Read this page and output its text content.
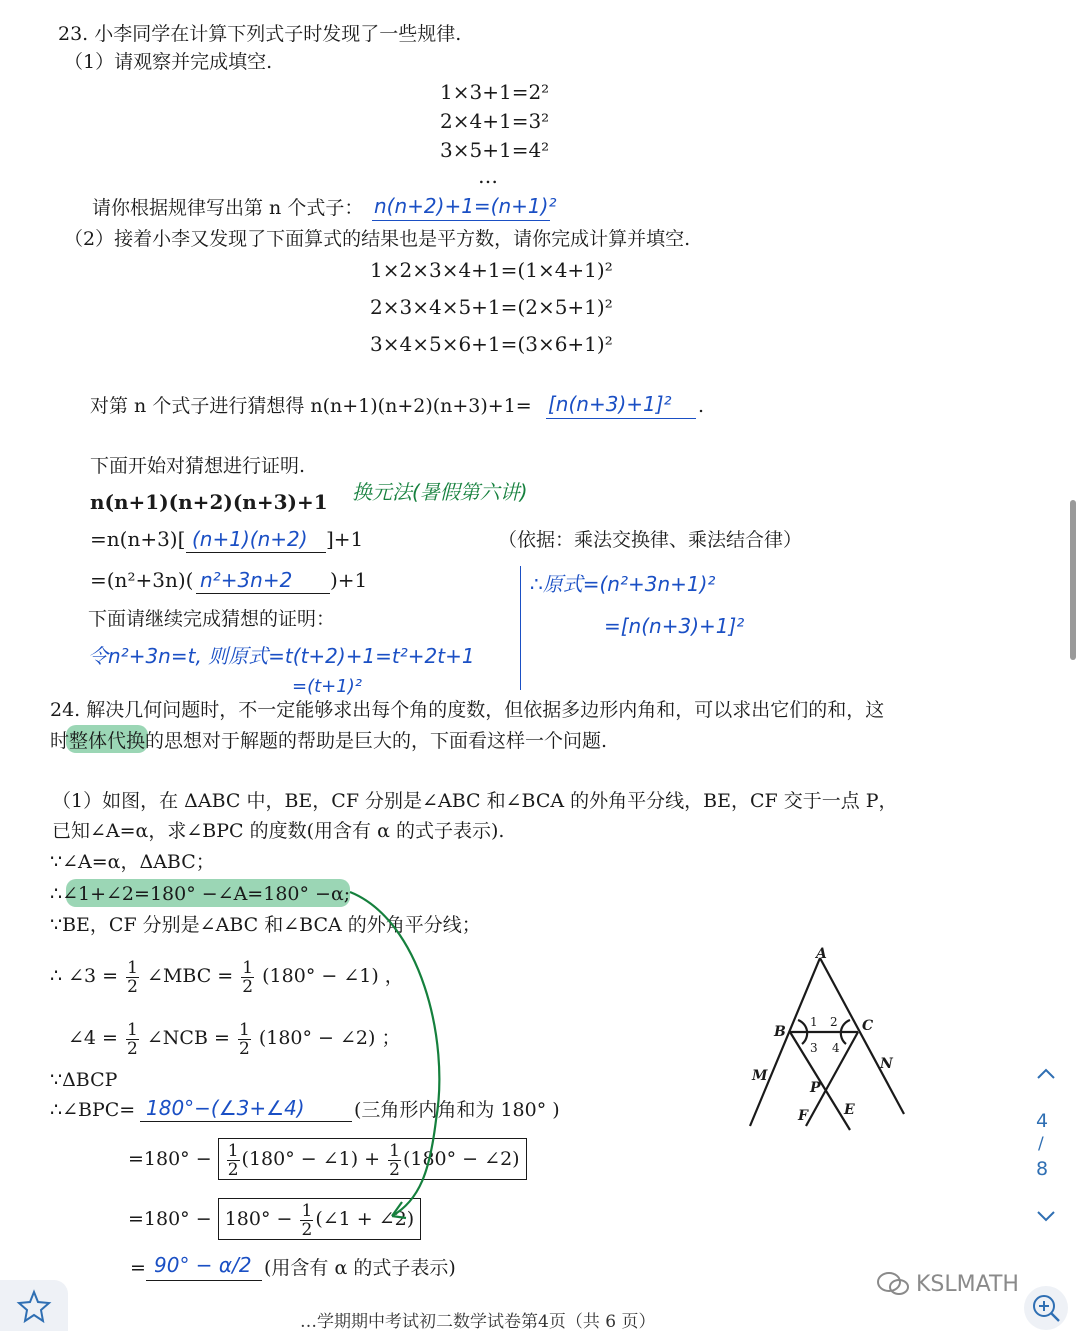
23. 小李同学在计算下列式子时发现了一些规律.
（1）请观察并完成填空.
1×3+1=2²
2×4+1=3²
3×5+1=4²
…
请你根据规律写出第 n 个式子： n(n+2)+1=(n+1)²
（2）接着小李又发现了下面算式的结果也是平方数，请你完成计算并填空.
1×2×3×4+1=(1×4+1)²
2×3×4×5+1=(2×5+1)²
3×4×5×6+1=(3×6+1)²
对第 n 个式子进行猜想得 n(n+1)(n+2)(n+3)+1= [n(n+3)+1]² .
下面开始对猜想进行证明.
换元法(暑假第六讲)
n(n+1)(n+2)(n+3)+1
=n(n+3)[ (n+1)(n+2) ]+1	（依据：乘法交换律、乘法结合律）
=(n²+3n)( n²+3n+2 )+1	∴原式=(n²+3n+1)²
=[n(n+3)+1]²
下面请继续完成猜想的证明：
令n²+3n=t, 则原式=t(t+2)+1=t²+2t+1
=(t+1)²
24. 解决几何问题时，不一定能够求出每个角的度数，但依据多边形内角和，可以求出它们的和，这
时整体代换的思想对于解题的帮助是巨大的，下面看这样一个问题.
（1）如图，在 ΔABC 中，BE，CF 分别是∠ABC 和∠BCA 的外角平分线，BE，CF 交于一点 P，
已知∠A=α，求∠BPC 的度数(用含有 α 的式子表示).
∵∠A=α，ΔABC；
∴∠1+∠2=180° −∠A=180° −α;
∵BE，CF 分别是∠ABC 和∠BCA 的外角平分线；
∴ ∠3 = $\frac{1}{2}$ ∠MBC = $\frac{1}{2} (180^\circ$ − ∠1) ，
∠4 = $\frac{1}{2}$ ∠NCB = $\frac{1}{2} (180^\circ$ − ∠2) ；
∵ΔBCP
∴∠BPC= 180°−(∠3+∠4)	(三角形内角和为 180° )
$=180^\circ - \frac{1}{2} (180^\circ$ − ∠1) + $\frac{1}{2} (180^\circ$ − ∠2)
$=180^\circ - 180^\circ - \frac{1}{2}$ (∠1 + ∠2)
= 90° − α/2 (用含有 α 的式子表示)
A
B	C
M
N
P
F	E
1 2
3 4
…学期期中考试初二数学试卷第4页（共 6 页）
4
/
8
KSLMATH
